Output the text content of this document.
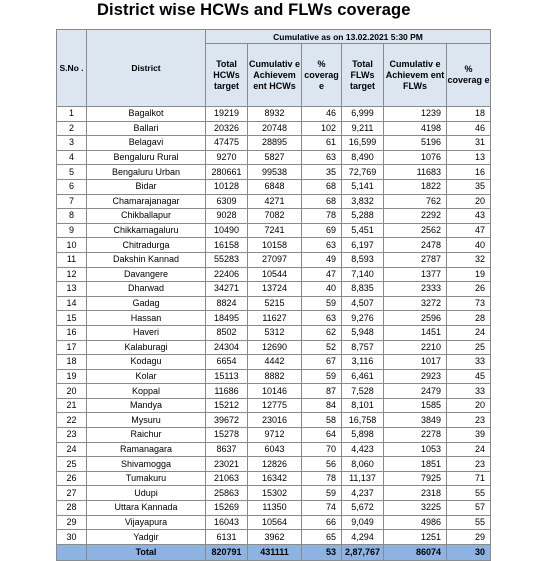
District wise HCWs and FLWs coverage
S.No .	District	Cumulative as on 13.02.2021 5:30 PM					
		Total HCWs target	Cumulativ e Achievem ent HCWs	% coverag e	Total FLWs target	Cumulativ e Achievem ent FLWs	% coverag e
1	Bagalkot	19219	8932	46	6,999	1239	18
2	Ballari	20326	20748	102	9,211	4198	46
3	Belagavi	47475	28895	61	16,599	5196	31
4	Bengaluru Rural	9270	5827	63	8,490	1076	13
5	Bengaluru Urban	280661	99538	35	72,769	11683	16
6	Bidar	10128	6848	68	5,141	1822	35
7	Chamarajanagar	6309	4271	68	3,832	762	20
8	Chikballapur	9028	7082	78	5,288	2292	43
9	Chikkamagaluru	10490	7241	69	5,451	2562	47
10	Chitradurga	16158	10158	63	6,197	2478	40
11	Dakshin Kannad	55283	27097	49	8,593	2787	32
12	Davangere	22406	10544	47	7,140	1377	19
13	Dharwad	34271	13724	40	8,835	2333	26
14	Gadag	8824	5215	59	4,507	3272	73
15	Hassan	18495	11627	63	9,276	2596	28
16	Haveri	8502	5312	62	5,948	1451	24
17	Kalaburagi	24304	12690	52	8,757	2210	25
18	Kodagu	6654	4442	67	3,116	1017	33
19	Kolar	15113	8882	59	6,461	2923	45
20	Koppal	11686	10146	87	7,528	2479	33
21	Mandya	15212	12775	84	8,101	1585	20
22	Mysuru	39672	23016	58	16,758	3849	23
23	Raichur	15278	9712	64	5,898	2278	39
24	Ramanagara	8637	6043	70	4,423	1053	24
25	Shivamogga	23021	12826	56	8,060	1851	23
26	Tumakuru	21063	16342	78	11,137	7925	71
27	Udupi	25863	15302	59	4,237	2318	55
28	Uttara Kannada	15269	11350	74	5,672	3225	57
29	Vijayapura	16043	10564	66	9,049	4986	55
30	Yadgir	6131	3962	65	4,294	1251	29
	Total	820791	431111	53	2,87,767	86074	30
